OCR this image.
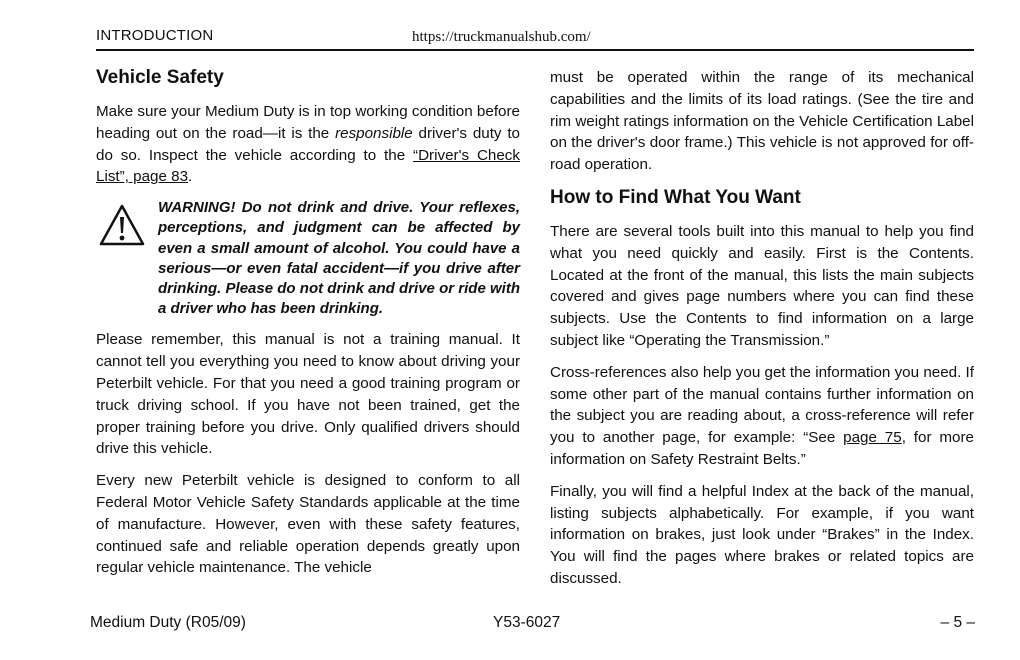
INTRODUCTION	https://truckmanualshub.com/
Vehicle Safety

Make sure your Medium Duty is in top working condition before heading out on the road—it is the responsible driver's duty to do so. Inspect the vehicle according to the “Driver's Check List”, page 83.

WARNING! Do not drink and drive. Your reflexes, perceptions, and judgment can be affected by even a small amount of alcohol. You could have a serious—or even fatal accident—if you drive after drinking. Please do not drink and drive or ride with a driver who has been drinking.

Please remember, this manual is not a training manual. It cannot tell you everything you need to know about driving your Peterbilt vehicle. For that you need a good training program or truck driving school. If you have not been trained, get the proper training before you drive. Only qualified drivers should drive this vehicle.

Every new Peterbilt vehicle is designed to conform to all Federal Motor Vehicle Safety Standards applicable at the time of manufacture. However, even with these safety features, continued safe and reliable operation depends greatly upon regular vehicle maintenance. The vehicle

must be operated within the range of its mechanical capabilities and the limits of its load ratings. (See the tire and rim weight ratings information on the Vehicle Certification Label on the driver's door frame.) This vehicle is not approved for off-road operation.

How to Find What You Want

There are several tools built into this manual to help you find what you need quickly and easily. First is the Contents. Located at the front of the manual, this lists the main subjects covered and gives page numbers where you can find these subjects. Use the Contents to find information on a large subject like “Operating the Transmission.”

Cross-references also help you get the information you need. If some other part of the manual contains further information on the subject you are reading about, a cross-reference will refer you to another page, for example: “See page 75, for more information on Safety Restraint Belts.”

Finally, you will find a helpful Index at the back of the manual, listing subjects alphabetically. For example, if you want information on brakes, just look under “Brakes” in the Index. You will find the pages where brakes or related topics are discussed.

Medium Duty (R05/09)	Y53-6027	– 5 –
